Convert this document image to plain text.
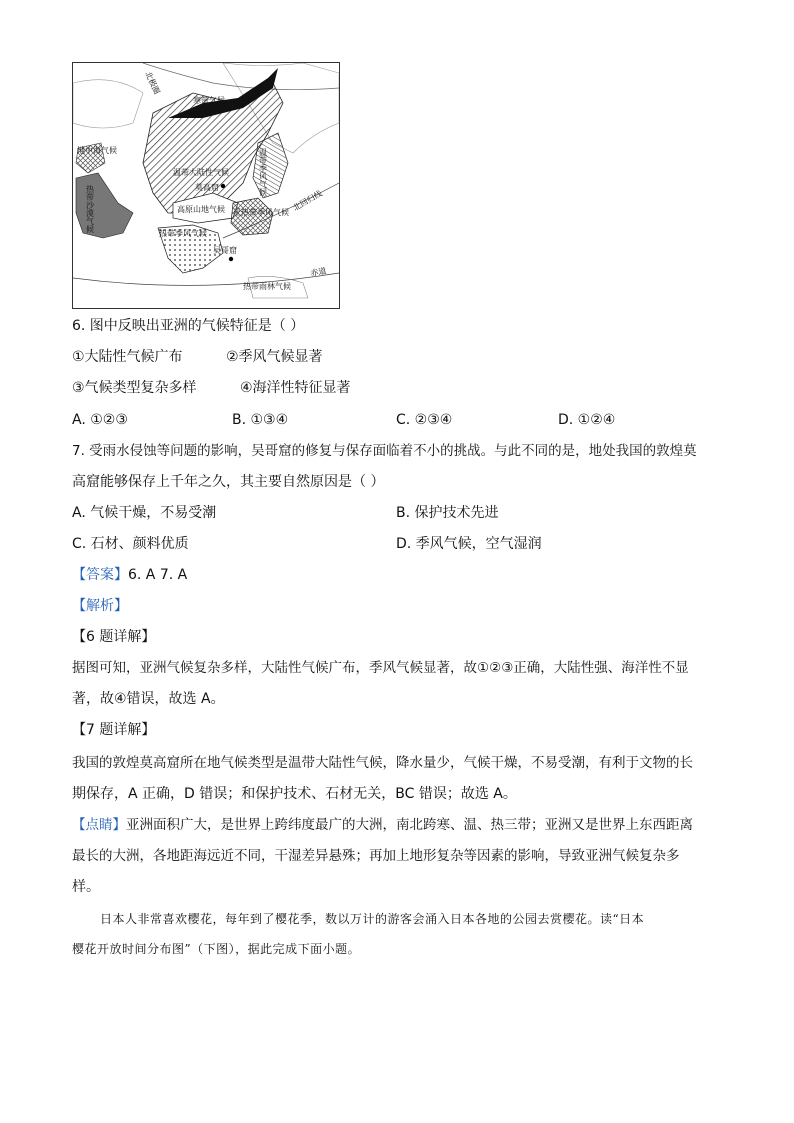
北极圈
寒带气候
地中海气候
温带大陆性气候
莫高窟	温带季风气候
热带沙漠气候	高原山地气候 亚热带季风气候
热带季风气候
吴哥窟
北回归线
赤道
热带雨林气候
6. 图中反映出亚洲的气候特征是（ ）
①大陆性气候广布	②季风气候显著
③气候类型复杂多样	④海洋性特征显著
A. ①②③	B. ①③④	C. ②③④	D. ①②④
7. 受雨水侵蚀等问题的影响，吴哥窟的修复与保存面临着不小的挑战。与此不同的是，地处我国的敦煌莫
高窟能够保存上千年之久，其主要自然原因是（ ）
A. 气候干燥，不易受潮	B. 保护技术先进
C. 石材、颜料优质	D. 季风气候，空气湿润
【答案】6. A 7. A
【解析】
【6 题详解】
据图可知，亚洲气候复杂多样，大陆性气候广布，季风气候显著，故①②③正确，大陆性强、海洋性不显
著，故④错误，故选 A。
【7 题详解】
我国的敦煌莫高窟所在地气候类型是温带大陆性气候，降水量少，气候干燥，不易受潮，有利于文物的长
期保存，A 正确，D 错误；和保护技术、石材无关，BC 错误；故选 A。
【点睛】亚洲面积广大，是世界上跨纬度最广的大洲，南北跨寒、温、热三带；亚洲又是世界上东西距离
最长的大洲，各地距海远近不同，干湿差异悬殊；再加上地形复杂等因素的影响，导致亚洲气候复杂多
样。
日本人非常喜欢樱花，每年到了樱花季，数以万计的游客会涌入日本各地的公园去赏樱花。读“日本
樱花开放时间分布图”（下图），据此完成下面小题。
